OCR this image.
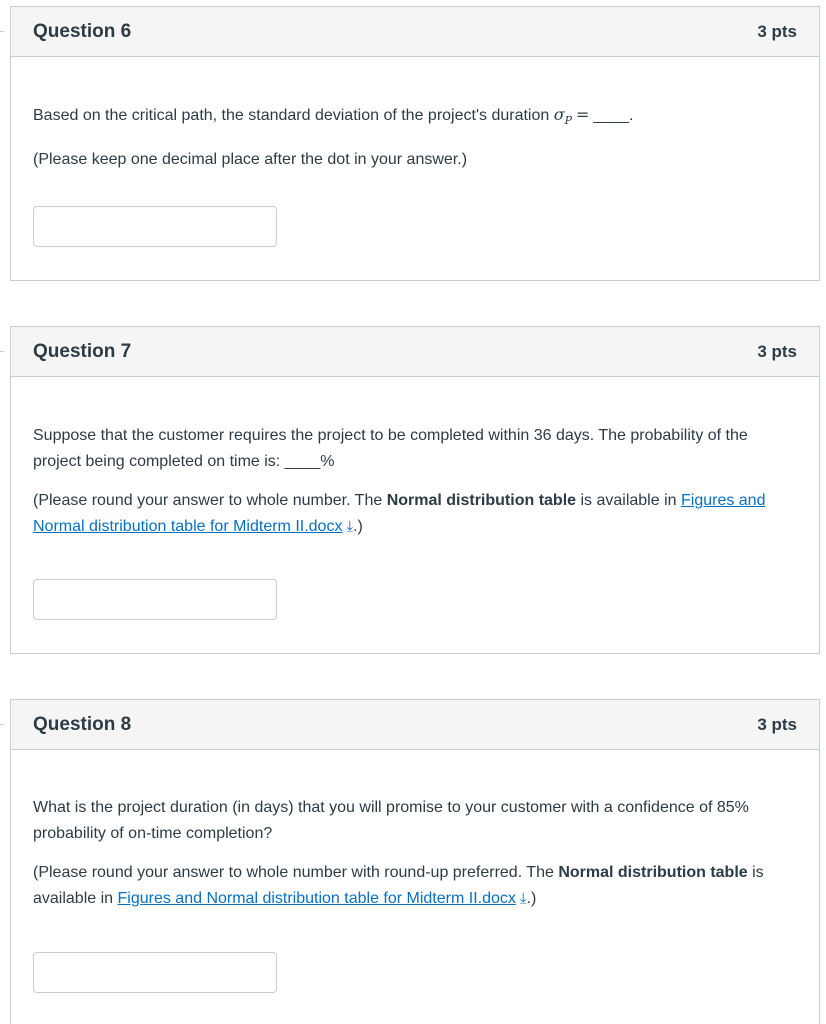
Question 6	3 pts

Based on the critical path, the standard deviation of the project's duration $\sigma_P$ = ____.

(Please keep one decimal place after the dot in your answer.)

Question 7	3 pts

Suppose that the customer requires the project to be completed within 36 days. The probability of the project being completed on time is: ____%

(Please round your answer to whole number. The Normal distribution table is available in Figures and Normal distribution table for Midterm II.docx ⤓.)

Question 8	3 pts

What is the project duration (in days) that you will promise to your customer with a confidence of 85% probability of on-time completion?

(Please round your answer to whole number with round-up preferred. The Normal distribution table is available in Figures and Normal distribution table for Midterm II.docx ⤓.)
